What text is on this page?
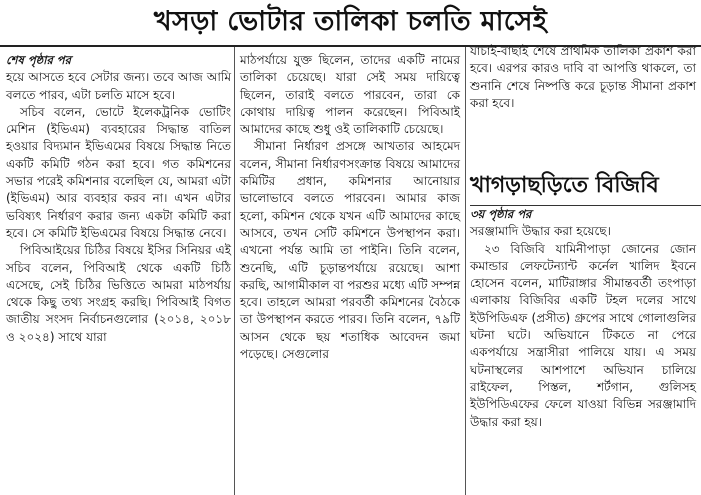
খসড়া ভোটার তালিকা চলতি মাসেই

শেষ পৃষ্ঠার পর

হয়ে আসতে হবে সেটার জন্য। তবে আজ আমি বলতে পারব, এটা চলতি মাসে হবে।

সচিব বলেন, ভোটে ইলেকট্রনিক ভোটিং মেশিন (ইভিএম) ব্যবহারের সিদ্ধান্ত বাতিল হওয়ার বিদ্যমান ইভিএমের বিষয়ে সিদ্ধান্ত নিতে একটি কমিটি গঠন করা হবে। গত কমিশনের সভার পরেই কমিশনার বলেছিল যে, আমরা এটা (ইভিএম) আর ব্যবহার করব না। এখন এটার ভবিষ্যৎ নির্ধারণ করার জন্য একটা কমিটি করা হবে। সে কমিটি ইভিএমের বিষয়ে সিদ্ধান্ত নেবে।

পিবিআইয়ের চিঠির বিষয়ে ইসির সিনিয়র এই সচিব বলেন, পিবিআই থেকে একটি চিঠি এসেছে, সেই চিঠির ভিত্তিতে আমরা মাঠপর্যায় থেকে কিছু তথ্য সংগ্রহ করছি। পিবিআই বিগত জাতীয় সংসদ নির্বাচনগুলোর (২০১৪, ২০১৮ ও ২০২৪) সাথে যারা

মাঠপর্যায়ে যুক্ত ছিলেন, তাদের একটি নামের তালিকা চেয়েছে। যারা সেই সময় দায়িত্বে ছিলেন, তারাই বলতে পারবেন, তারা কে কোথায় দায়িত্ব পালন করেছেন। পিবিআই আমাদের কাছে শুধু ওই তালিকাটি চেয়েছে।

সীমানা নির্ধারণ প্রসঙ্গে আখতার আহমেদ বলেন, সীমানা নির্ধারণসংক্রান্ত বিষয়ে আমাদের কমিটির প্রধান, কমিশনার আনোয়ার ভালোভাবে বলতে পারবেন। আমার কাজ হলো, কমিশন থেকে যখন এটি আমাদের কাছে আসবে, তখন সেটি কমিশনে উপস্থাপন করা। এখনো পর্যন্ত আমি তা পাইনি। তিনি বলেন, শুনেছি, এটি চূড়ান্তপর্যায়ে রয়েছে। আশা করছি, আগামীকাল বা পরশুর মধ্যে এটি সম্পন্ন হবে। তাহলে আমরা পরবর্তী কমিশনের বৈঠকে তা উপস্থাপন করতে পারব। তিনি বলেন, ৭৯টি আসন থেকে ছয় শতাধিক আবেদন জমা পড়েছে। সেগুলোর

যাচাই-বাছাই শেষে প্রাথমিক তালিকা প্রকাশ করা হবে। এরপর কারও দাবি বা আপত্তি থাকলে, তা শুনানি শেষে নিষ্পত্তি করে চূড়ান্ত সীমানা প্রকাশ করা হবে।

খাগড়াছড়িতে বিজিবি

৩য় পৃষ্ঠার পর

সরঞ্জামাদি উদ্ধার করা হয়েছে।

২৩ বিজিবি যামিনীপাড়া জোনের জোন কমান্ডার লেফটেন্যান্ট কর্নেল খালিদ ইবনে হোসেন বলেন, মাটিরাঙ্গার সীমান্তবর্তী তংপাড়া এলাকায় বিজিবির একটি টহল দলের সাথে ইউপিডিএফ (প্রসীত) গ্রুপের সাথে গোলাগুলির ঘটনা ঘটে। অভিযানে টিকতে না পেরে একপর্যায়ে সন্ত্রাসীরা পালিয়ে যায়। এ সময় ঘটনাস্থলের আশপাশে অভিযান চালিয়ে রাইফেল, পিস্তল, শর্টগান, গুলিসহ ইউপিডিএফের ফেলে যাওয়া বিভিন্ন সরঞ্জামাদি উদ্ধার করা হয়।
